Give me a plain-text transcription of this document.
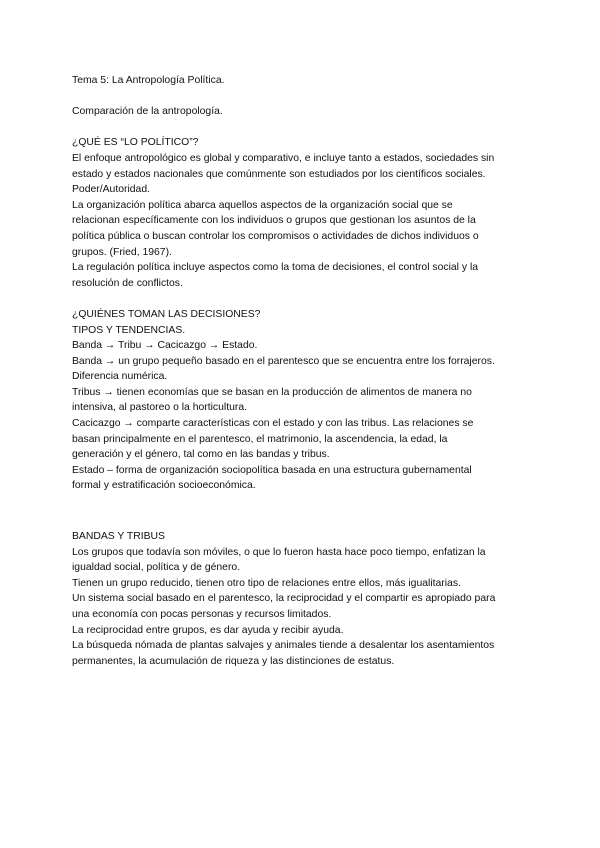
Tema 5: La Antropología Política.
Comparación de la antropología.
¿QUÉ ES “LO POLÍTICO”?
El enfoque antropológico es global y comparativo, e incluye tanto a estados, sociedades sin
estado y estados nacionales que comúnmente son estudiados por los científicos sociales.
Poder/Autoridad.
La organización política abarca aquellos aspectos de la organización social que se
relacionan específicamente con los individuos o grupos que gestionan los asuntos de la
política pública o buscan controlar los compromisos o actividades de dichos individuos o
grupos. (Fried, 1967).
La regulación política incluye aspectos como la toma de decisiones, el control social y la
resolución de conflictos.
¿QUIÉNES TOMAN LAS DECISIONES?
TIPOS Y TENDENCIAS.
Banda → Tribu → Cacicazgo → Estado.
Banda → un grupo pequeño basado en el parentesco que se encuentra entre los forrajeros.
Diferencia numérica.
Tribus → tienen economías que se basan en la producción de alimentos de manera no
intensiva, al pastoreo o la horticultura.
Cacicazgo → comparte características con el estado y con las tribus. Las relaciones se
basan principalmente en el parentesco, el matrimonio, la ascendencia, la edad, la
generación y el género, tal como en las bandas y tribus.
Estado – forma de organización sociopolítica basada en una estructura gubernamental
formal y estratificación socioeconómica.
BANDAS Y TRIBUS
Los grupos que todavía son móviles, o que lo fueron hasta hace poco tiempo, enfatizan la
igualdad social, política y de género.
Tienen un grupo reducido, tienen otro tipo de relaciones entre ellos, más igualitarias.
Un sistema social basado en el parentesco, la reciprocidad y el compartir es apropiado para
una economía con pocas personas y recursos limitados.
La reciprocidad entre grupos, es dar ayuda y recibir ayuda.
La búsqueda nómada de plantas salvajes y animales tiende a desalentar los asentamientos
permanentes, la acumulación de riqueza y las distinciones de estatus.
